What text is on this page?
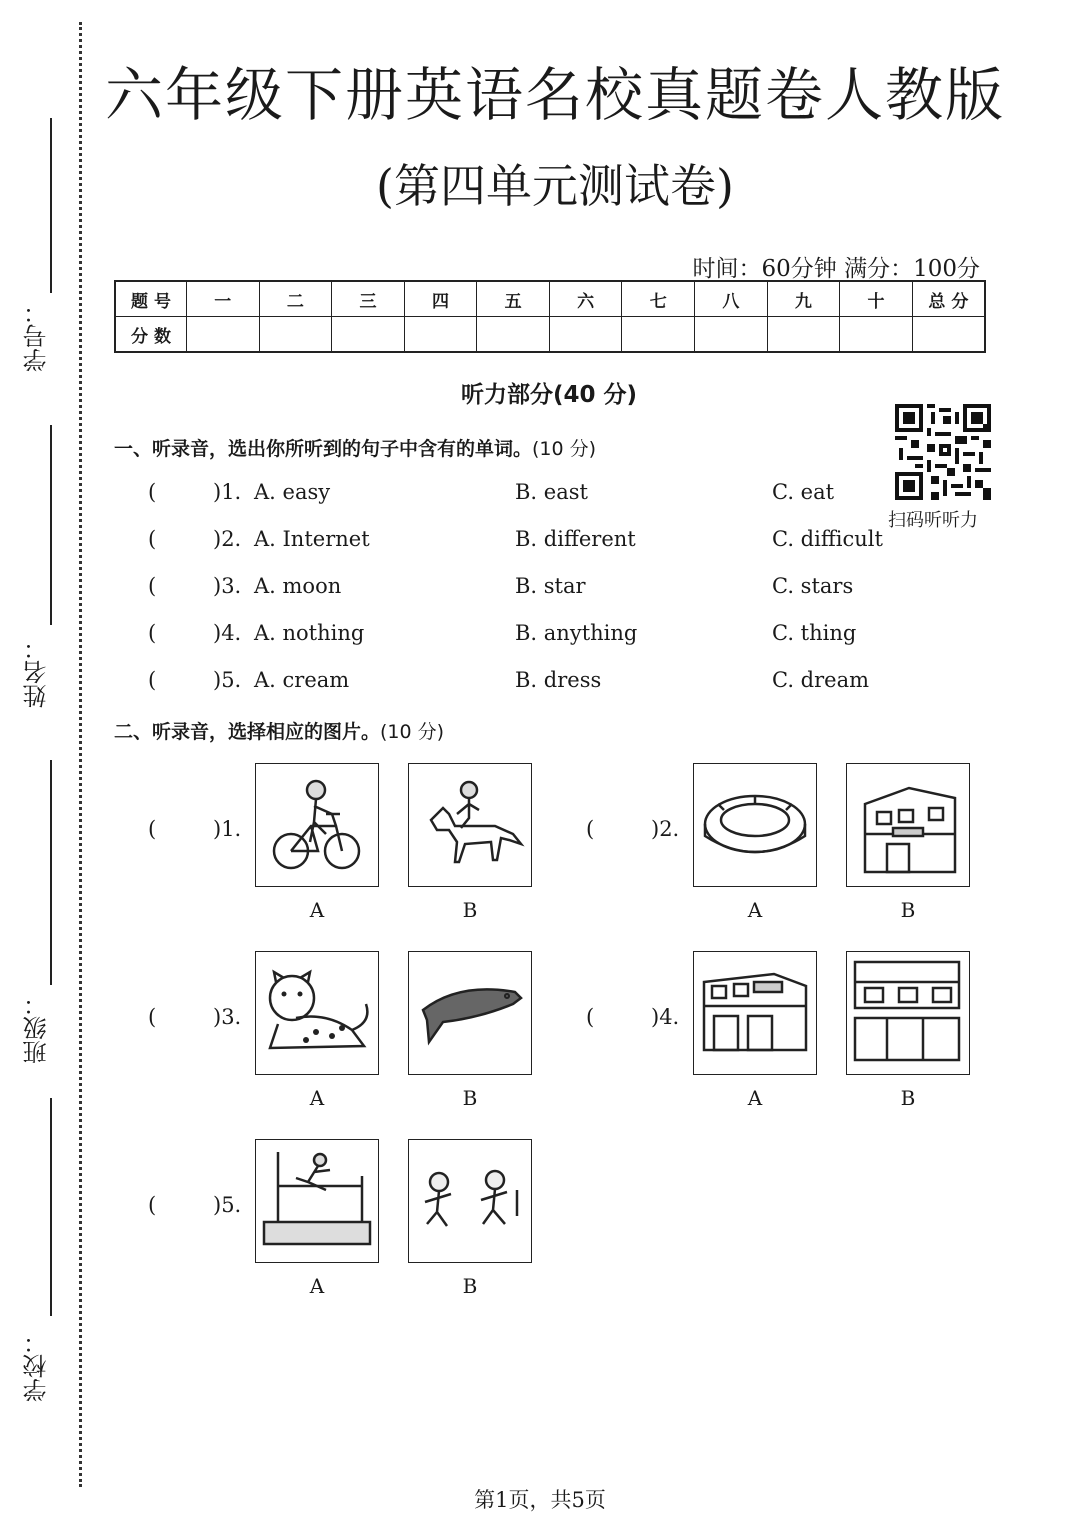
学号：
姓名：
班级：
学校：
六年级下册英语名校真题卷人教版
(第四单元测试卷)
时间：60分钟 满分：100分
题 号	一	二	三	四	五	六	七	八	九	十	总 分
分 数											
听力部分(40 分)
扫码听听力
一、听录音，选出你所听到的句子中含有的单词。(10 分)
(	)1. A. easy	B. east	C. eat
(	)2. A. Internet	B. different	C. difficult
(	)3. A. moon	B. star	C. stars
(	)4. A. nothing	B. anything	C. thing
(	)5. A. cream	B. dress	C. dream
二、听录音，选择相应的图片。(10 分)
(	)1.
A	B
(	)2.
A	B
(	)3.
A	B
(	)4.
A	B
(	)5.
A	B
第1页，共5页
